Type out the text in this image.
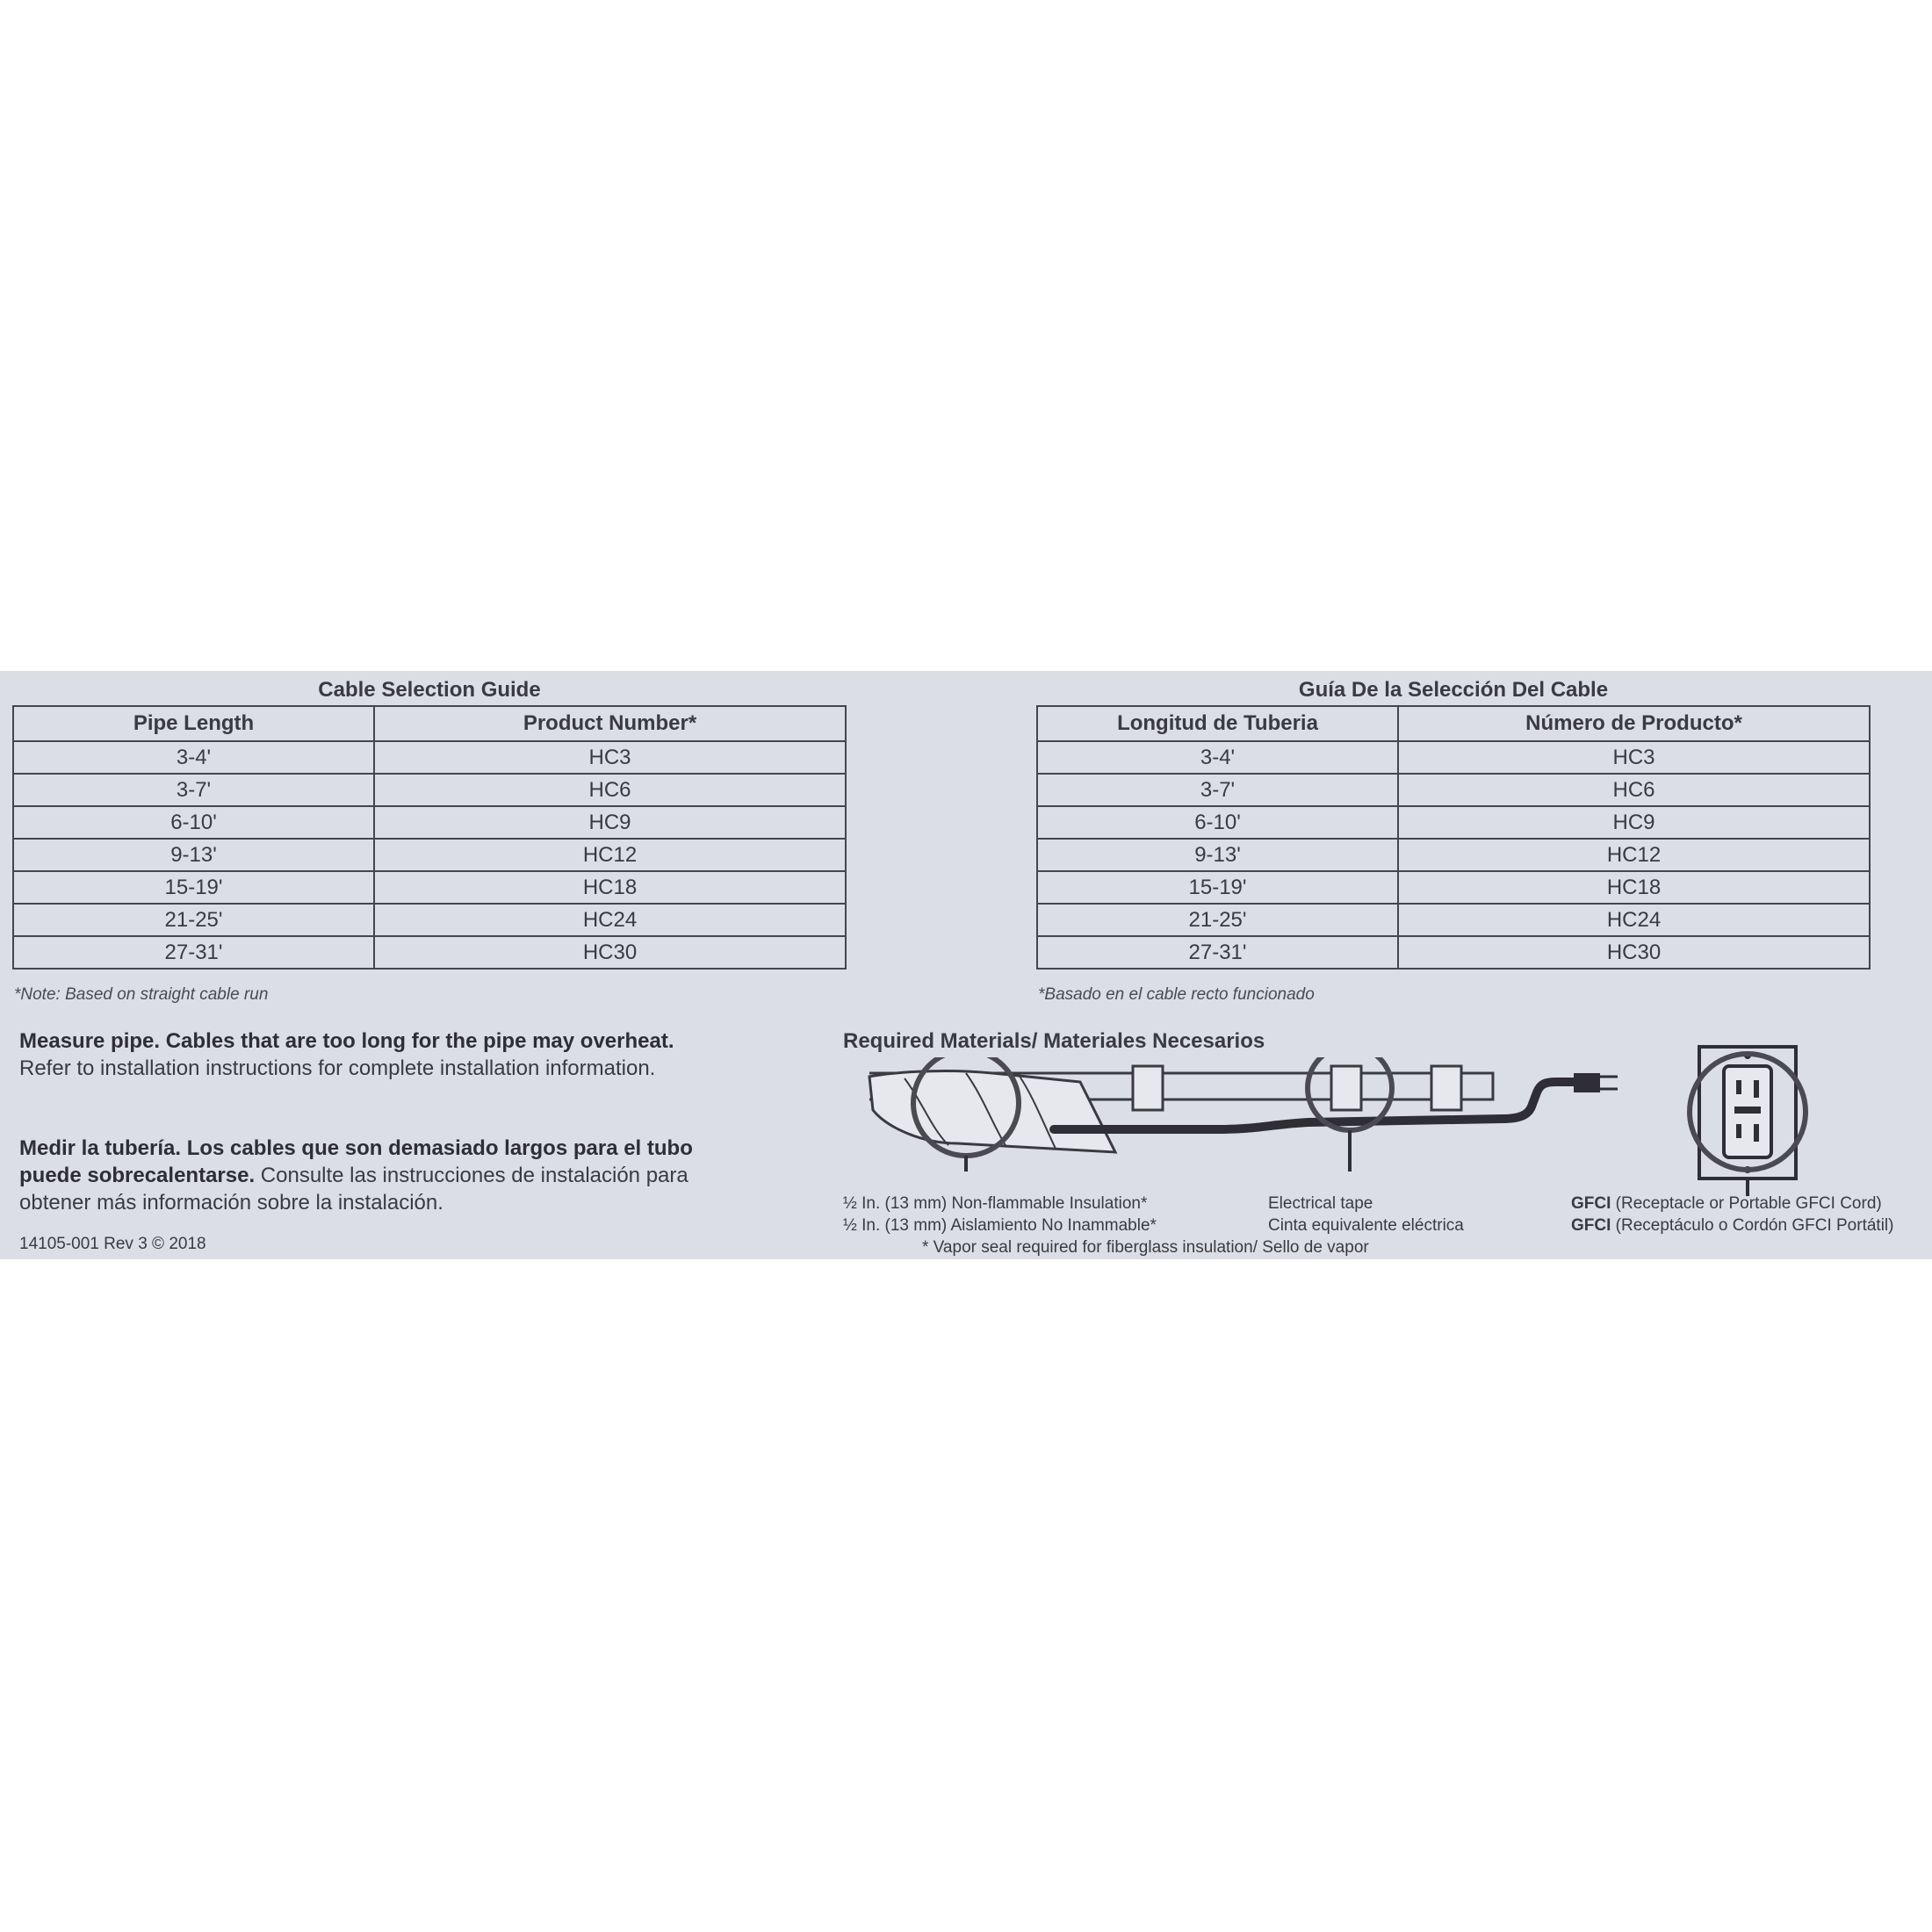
Cable Selection Guide
Pipe Length	Product Number*
3-4'	HC3
3-7'	HC6
6-10'	HC9
9-13'	HC12
15-19'	HC18
21-25'	HC24
27-31'	HC30
*Note: Based on straight cable run
Guía De la Selección Del Cable
Longitud de Tuberia	Número de Producto*
3-4'	HC3
3-7'	HC6
6-10'	HC9
9-13'	HC12
15-19'	HC18
21-25'	HC24
27-31'	HC30
*Basado en el cable recto funcionado
Measure pipe. Cables that are too long for the pipe may overheat. Refer to installation instructions for complete installation information.
Medir la tubería. Los cables que son demasiado largos para el tubo puede sobrecalentarse. Consulte las instrucciones de instalación para obtener más información sobre la instalación.
14105-001 Rev 3 © 2018
Required Materials/ Materiales Necesarios
½ In. (13 mm) Non-flammable Insulation*
½ In. (13 mm) Aislamiento No Inammable*
Electrical tape
Cinta equivalente eléctrica
GFCI (Receptacle or Portable GFCI Cord)
GFCI (Receptáculo o Cordón GFCI Portátil)
* Vapor seal required for fiberglass insulation/ Sello de vapor
